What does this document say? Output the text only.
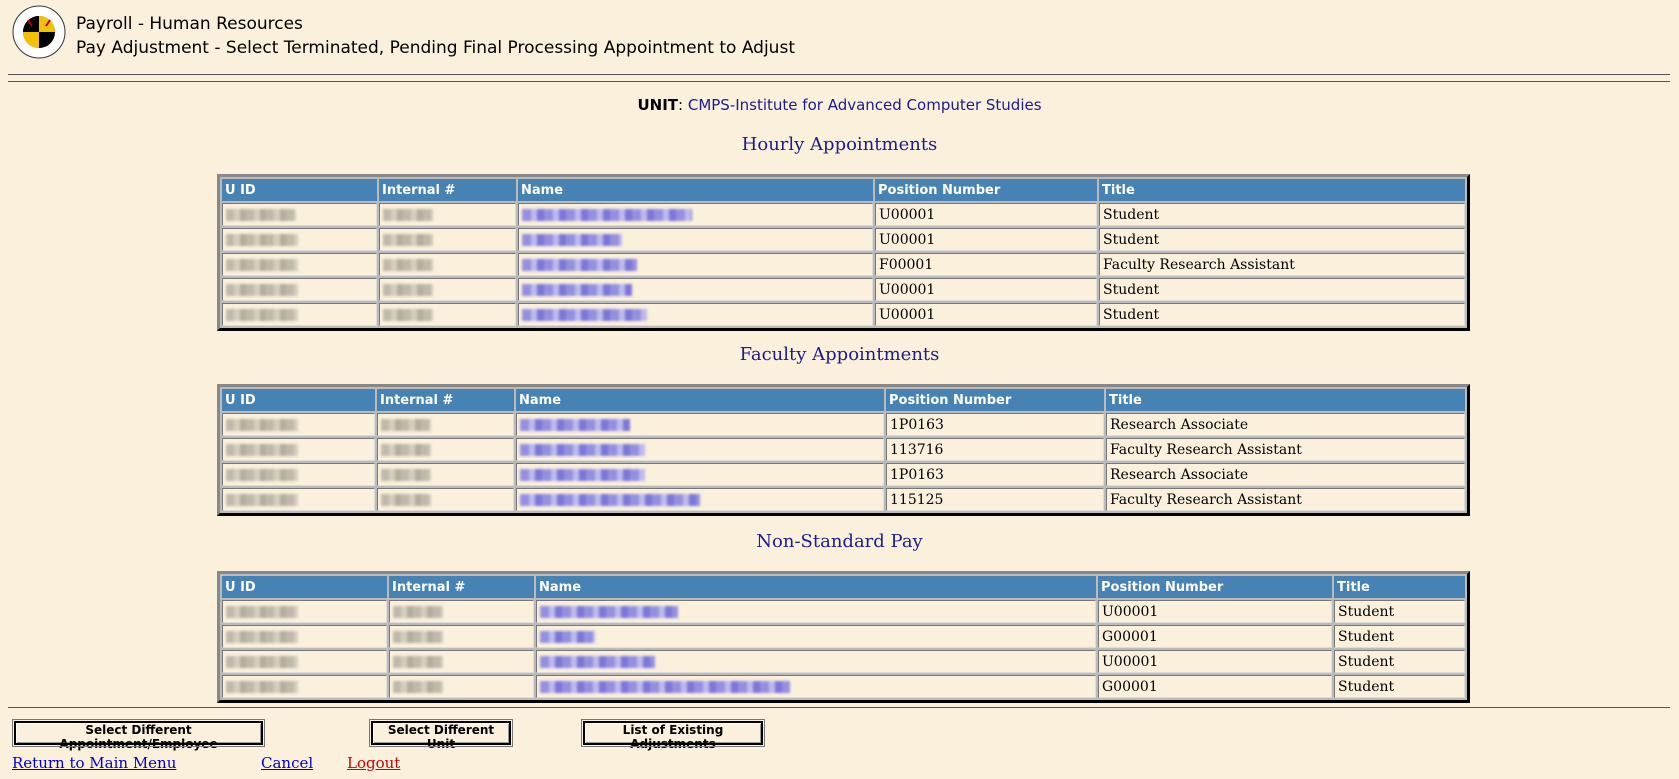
Payroll - Human Resources
Pay Adjustment - Select Terminated, Pending Final Processing Appointment to Adjust
UNIT: CMPS-Institute for Advanced Computer Studies
Hourly Appointments
U ID	Internal #	Name	Position Number	Title
			U00001	Student
			U00001	Student
			F00001	Faculty Research Assistant
			U00001	Student
			U00001	Student
Faculty Appointments
U ID	Internal #	Name	Position Number	Title
			1P0163	Research Associate
			113716	Faculty Research Assistant
			1P0163	Research Associate
			115125	Faculty Research Assistant
Non-Standard Pay
U ID	Internal #	Name	Position Number	Title
			U00001	Student
			G00001	Student
			U00001	Student
			G00001	Student
Select Different Appointment/Employee
Select Different Unit
List of Existing Adjustments
Return to Main Menu	Cancel Logout
